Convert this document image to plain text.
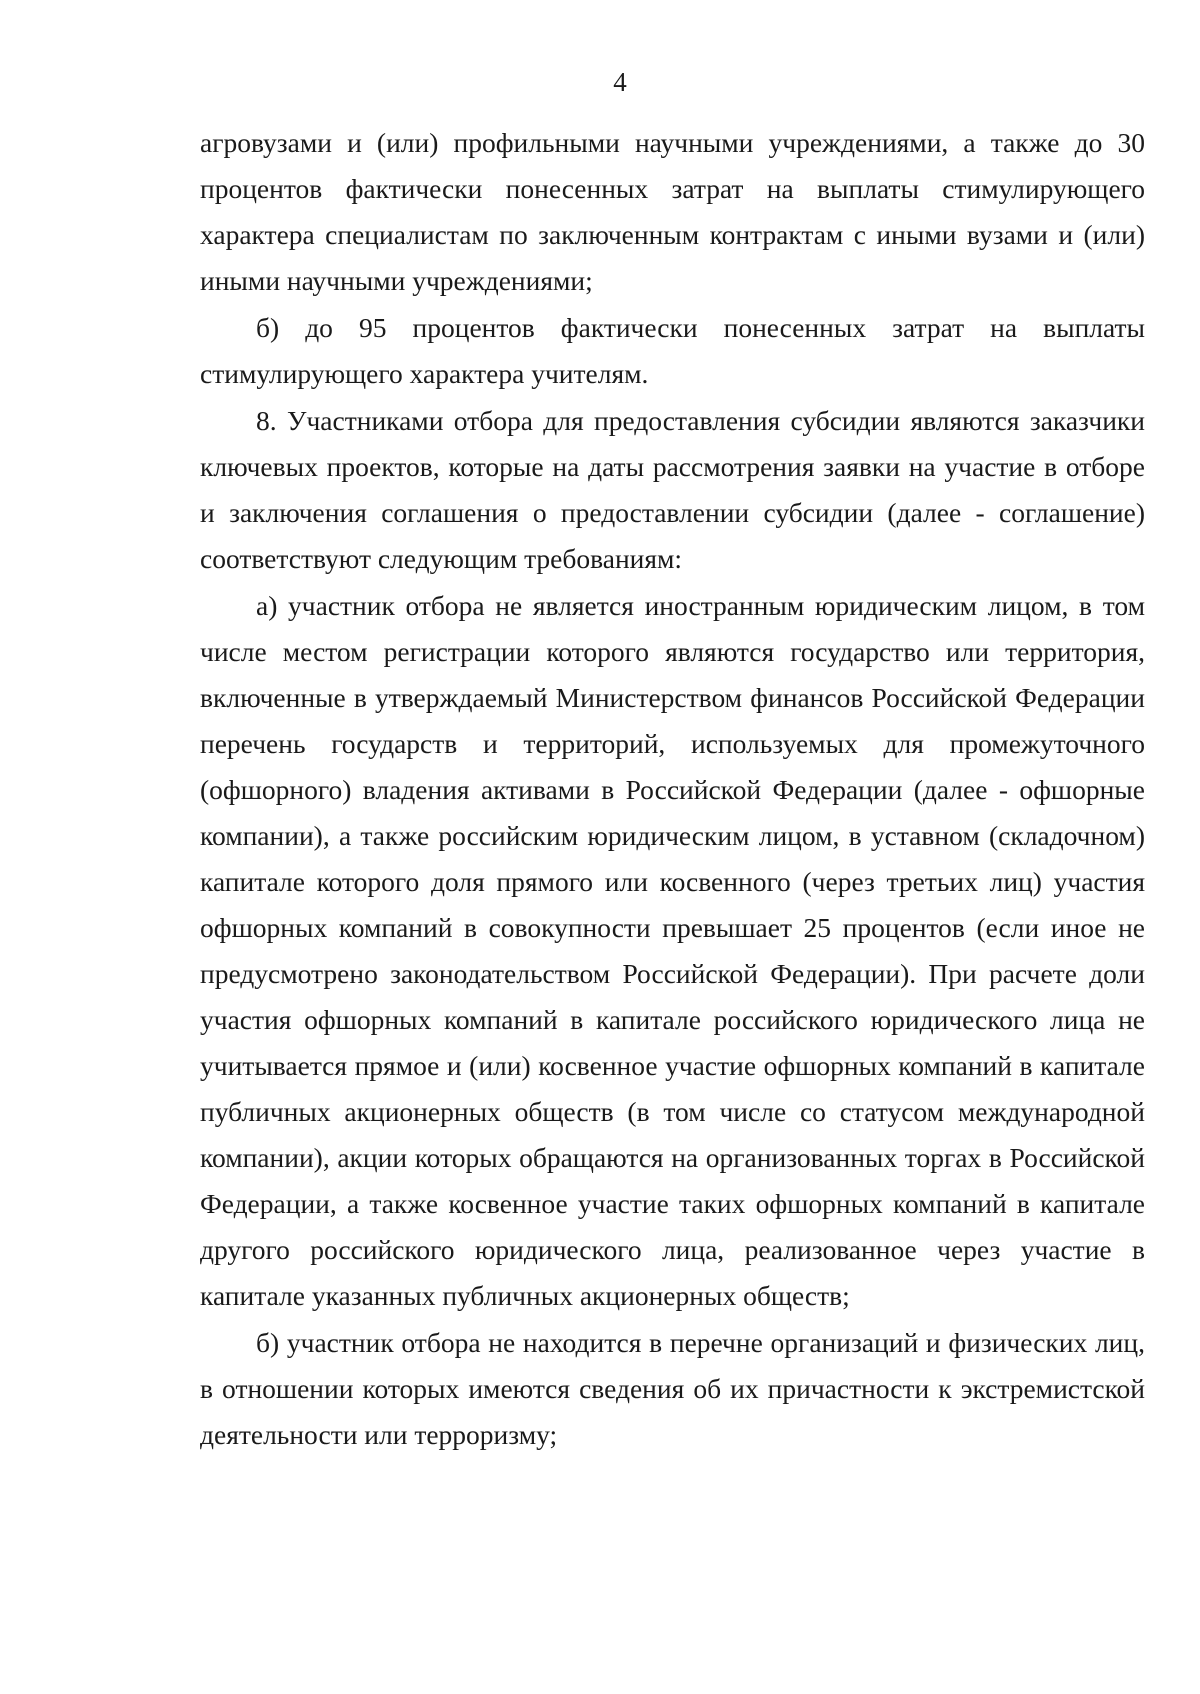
4

агровузами и (или) профильными научными учреждениями, а также до 30 процентов фактически понесенных затрат на выплаты стимулирующего характера специалистам по заключенным контрактам с иными вузами и (или) иными научными учреждениями;

б) до 95 процентов фактически понесенных затрат на выплаты стимулирующего характера учителям.

8. Участниками отбора для предоставления субсидии являются заказчики ключевых проектов, которые на даты рассмотрения заявки на участие в отборе и заключения соглашения о предоставлении субсидии (далее - соглашение) соответствуют следующим требованиям:

а) участник отбора не является иностранным юридическим лицом, в том числе местом регистрации которого являются государство или территория, включенные в утверждаемый Министерством финансов Российской Федерации перечень государств и территорий, используемых для промежуточного (офшорного) владения активами в Российской Федерации (далее - офшорные компании), а также российским юридическим лицом, в уставном (складочном) капитале которого доля прямого или косвенного (через третьих лиц) участия офшорных компаний в совокупности превышает 25 процентов (если иное не предусмотрено законодательством Российской Федерации). При расчете доли участия офшорных компаний в капитале российского юридического лица не учитывается прямое и (или) косвенное участие офшорных компаний в капитале публичных акционерных обществ (в том числе со статусом международной компании), акции которых обращаются на организованных торгах в Российской Федерации, а также косвенное участие таких офшорных компаний в капитале другого российского юридического лица, реализованное через участие в капитале указанных публичных акционерных обществ;

б) участник отбора не находится в перечне организаций и физических лиц, в отношении которых имеются сведения об их причастности к экстремистской деятельности или терроризму;
